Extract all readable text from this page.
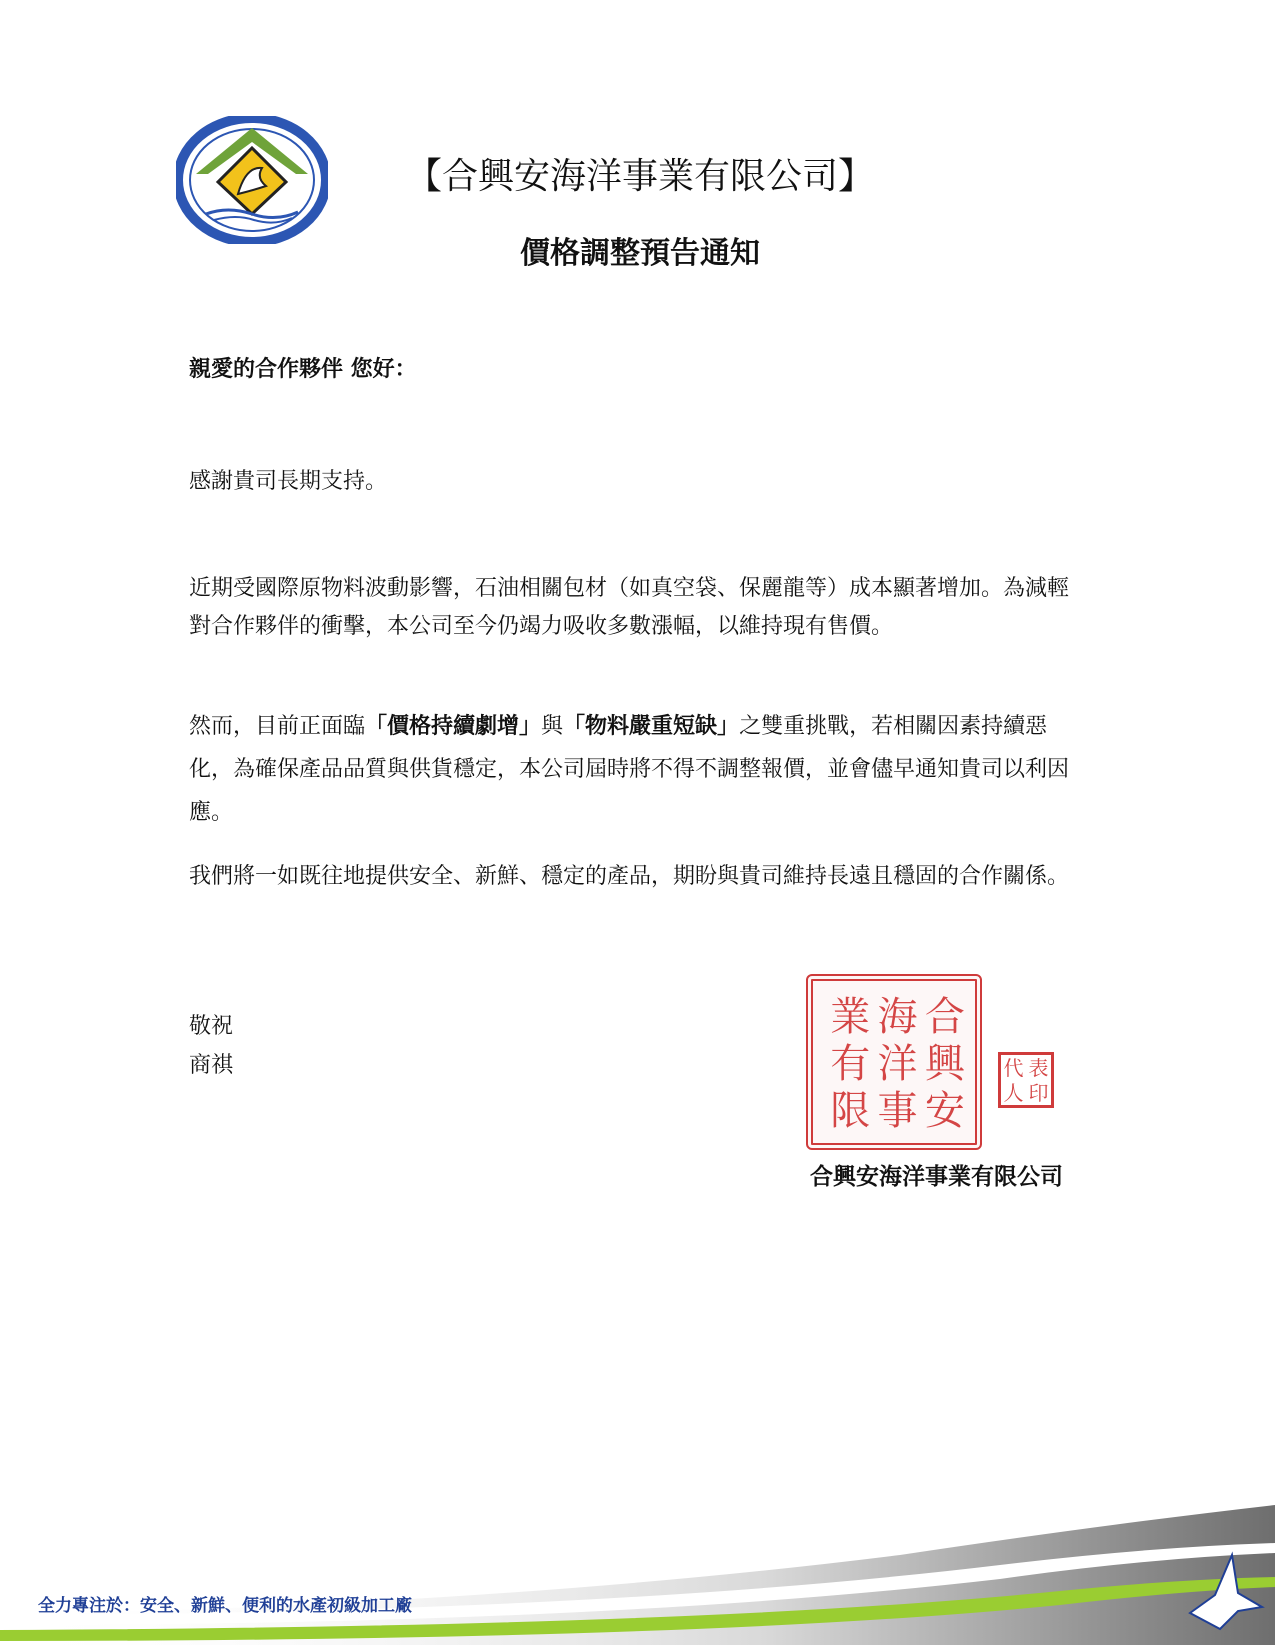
【合興安海洋事業有限公司】
價格調整預告通知
親愛的合作夥伴 您好：
感謝貴司長期支持。
近期受國際原物料波動影響，石油相關包材（如真空袋、保麗龍等）成本顯著增加。為減輕對合作夥伴的衝擊，本公司至今仍竭力吸收多數漲幅，以維持現有售價。
然而，目前正面臨「價格持續劇增」與「物料嚴重短缺」之雙重挑戰，若相關因素持續惡化，為確保產品品質與供貨穩定，本公司屆時將不得不調整報價，並會儘早通知貴司以利因應。
我們將一如既往地提供安全、新鮮、穩定的產品，期盼與貴司維持長遠且穩固的合作關係。
敬祝
商祺
合
興
安
海
洋
事
業
有
限
代 表
人 印
合興安海洋事業有限公司
全力專注於：安全、新鮮、便利的水產初級加工廠
